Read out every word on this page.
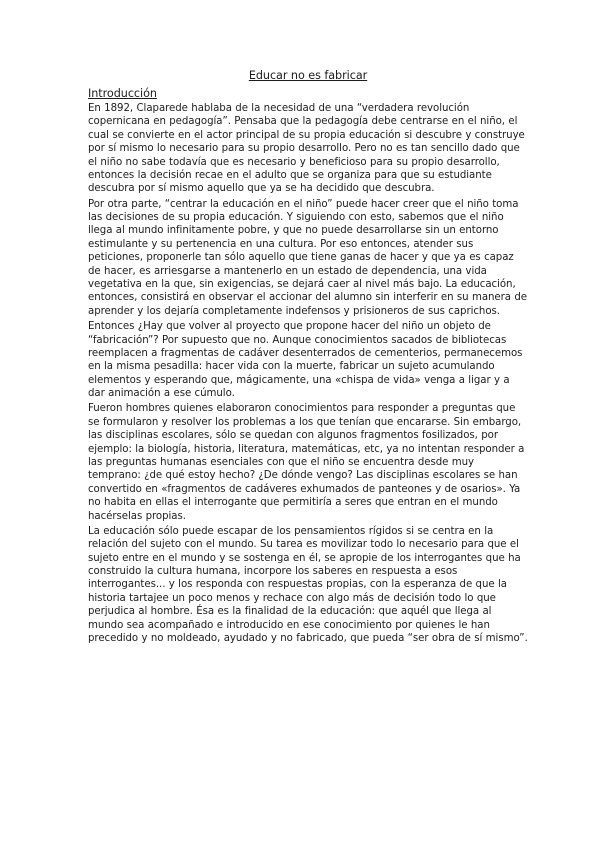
Educar no es fabricar
Introducción

En 1892, Claparede hablaba de la necesidad de una “verdadera revolución copernicana en pedagogía”. Pensaba que la pedagogía debe centrarse en el niño, el cual se convierte en el actor principal de su propia educación si descubre y construye por sí mismo lo necesario para su propio desarrollo. Pero no es tan sencillo dado que el niño no sabe todavía que es necesario y beneficioso para su propio desarrollo, entonces la decisión recae en el adulto que se organiza para que su estudiante descubra por sí mismo aquello que ya se ha decidido que descubra.

Por otra parte, “centrar la educación en el niño” puede hacer creer que el niño toma las decisiones de su propia educación. Y siguiendo con esto, sabemos que el niño llega al mundo infinitamente pobre, y que no puede desarrollarse sin un entorno estimulante y su pertenencia en una cultura. Por eso entonces, atender sus peticiones, proponerle tan sólo aquello que tiene ganas de hacer y que ya es capaz de hacer, es arriesgarse a mantenerlo en un estado de dependencia, una vida vegetativa en la que, sin exigencias, se dejará caer al nivel más bajo. La educación, entonces, consistirá en observar el accionar del alumno sin interferir en su manera de aprender y los dejaría completamente indefensos y prisioneros de sus caprichos.

Entonces ¿Hay que volver al proyecto que propone hacer del niño un objeto de “fabricación”? Por supuesto que no. Aunque conocimientos sacados de bibliotecas reemplacen a fragmentas de cadáver desenterrados de cementerios, permanecemos en la misma pesadilla: hacer vida con la muerte, fabricar un sujeto acumulando elementos y esperando que, mágicamente, una «chispa de vida» venga a ligar y a dar animación a ese cúmulo.

Fueron hombres quienes elaboraron conocimientos para responder a preguntas que se formularon y resolver los problemas a los que tenían que encararse. Sin embargo, las disciplinas escolares, sólo se quedan con algunos fragmentos fosilizados, por ejemplo: la biología, historia, literatura, matemáticas, etc, ya no intentan responder a las preguntas humanas esenciales con que el niño se encuentra desde muy temprano: ¿de qué estoy hecho? ¿De dónde vengo? Las disciplinas escolares se han convertido en «fragmentos de cadáveres exhumados de panteones y de osarios». Ya no habita en ellas el interrogante que permitiría a seres que entran en el mundo hacérselas propias.

La educación sólo puede escapar de los pensamientos rígidos si se centra en la relación del sujeto con el mundo. Su tarea es movilizar todo lo necesario para que el sujeto entre en el mundo y se sostenga en él, se apropie de los interrogantes que ha construido la cultura humana, incorpore los saberes en respuesta a esos interrogantes... y los responda con respuestas propias, con la esperanza de que la historia tartajee un poco menos y rechace con algo más de decisión todo lo que perjudica al hombre. Ésa es la finalidad de la educación: que aquél que llega al mundo sea acompañado e introducido en ese conocimiento por quienes le han precedido y no moldeado, ayudado y no fabricado, que pueda “ser obra de sí mismo”.
